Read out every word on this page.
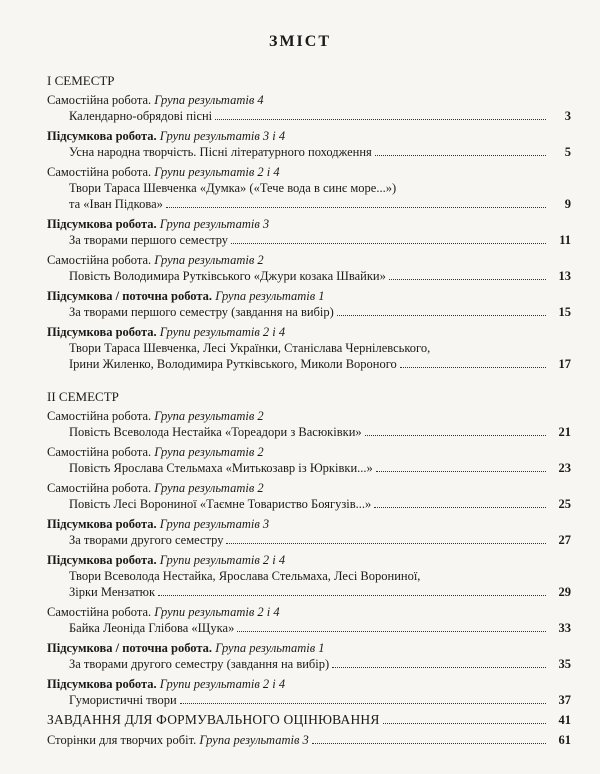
ЗМІСТ
I СЕМЕСТР
Самостійна робота. Група результатів 4
Календарно-обрядові пісні	3
Підсумкова робота. Групи результатів 3 і 4
Усна народна творчість. Пісні літературного походження	5
Самостійна робота. Групи результатів 2 і 4
Твори Тараса Шевченка «Думка» («Тече вода в синє море...»)
та «Іван Підкова»	9
Підсумкова робота. Група результатів 3
За творами першого семестру	11
Самостійна робота. Група результатів 2
Повість Володимира Рутківського «Джури козака Швайки»	13
Підсумкова / поточна робота. Група результатів 1
За творами першого семестру (завдання на вибір)	15
Підсумкова робота. Групи результатів 2 і 4
Твори Тараса Шевченка, Лесі Українки, Станіслава Чернілевського,
Ірини Жиленко, Володимира Рутківського, Миколи Вороного	17
II СЕМЕСТР
Самостійна робота. Група результатів 2
Повість Всеволода Нестайка «Тореадори з Васюківки»	21
Самостійна робота. Група результатів 2
Повість Ярослава Стельмаха «Митькозавр із Юрківки...»	23
Самостійна робота. Група результатів 2
Повість Лесі Ворониної «Таємне Товариство Боягузів...»	25
Підсумкова робота. Група результатів 3
За творами другого семестру	27
Підсумкова робота. Групи результатів 2 і 4
Твори Всеволода Нестайка, Ярослава Стельмаха, Лесі Ворониної,
Зірки Мензатюк	29
Самостійна робота. Групи результатів 2 і 4
Байка Леоніда Глібова «Щука»	33
Підсумкова / поточна робота. Група результатів 1
За творами другого семестру (завдання на вибір)	35
Підсумкова робота. Групи результатів 2 і 4
Гумористичні твори	37
ЗАВДАННЯ ДЛЯ ФОРМУВАЛЬНОГО ОЦІНЮВАННЯ	41
Сторінки для творчих робіт. Група результатів 3	61
